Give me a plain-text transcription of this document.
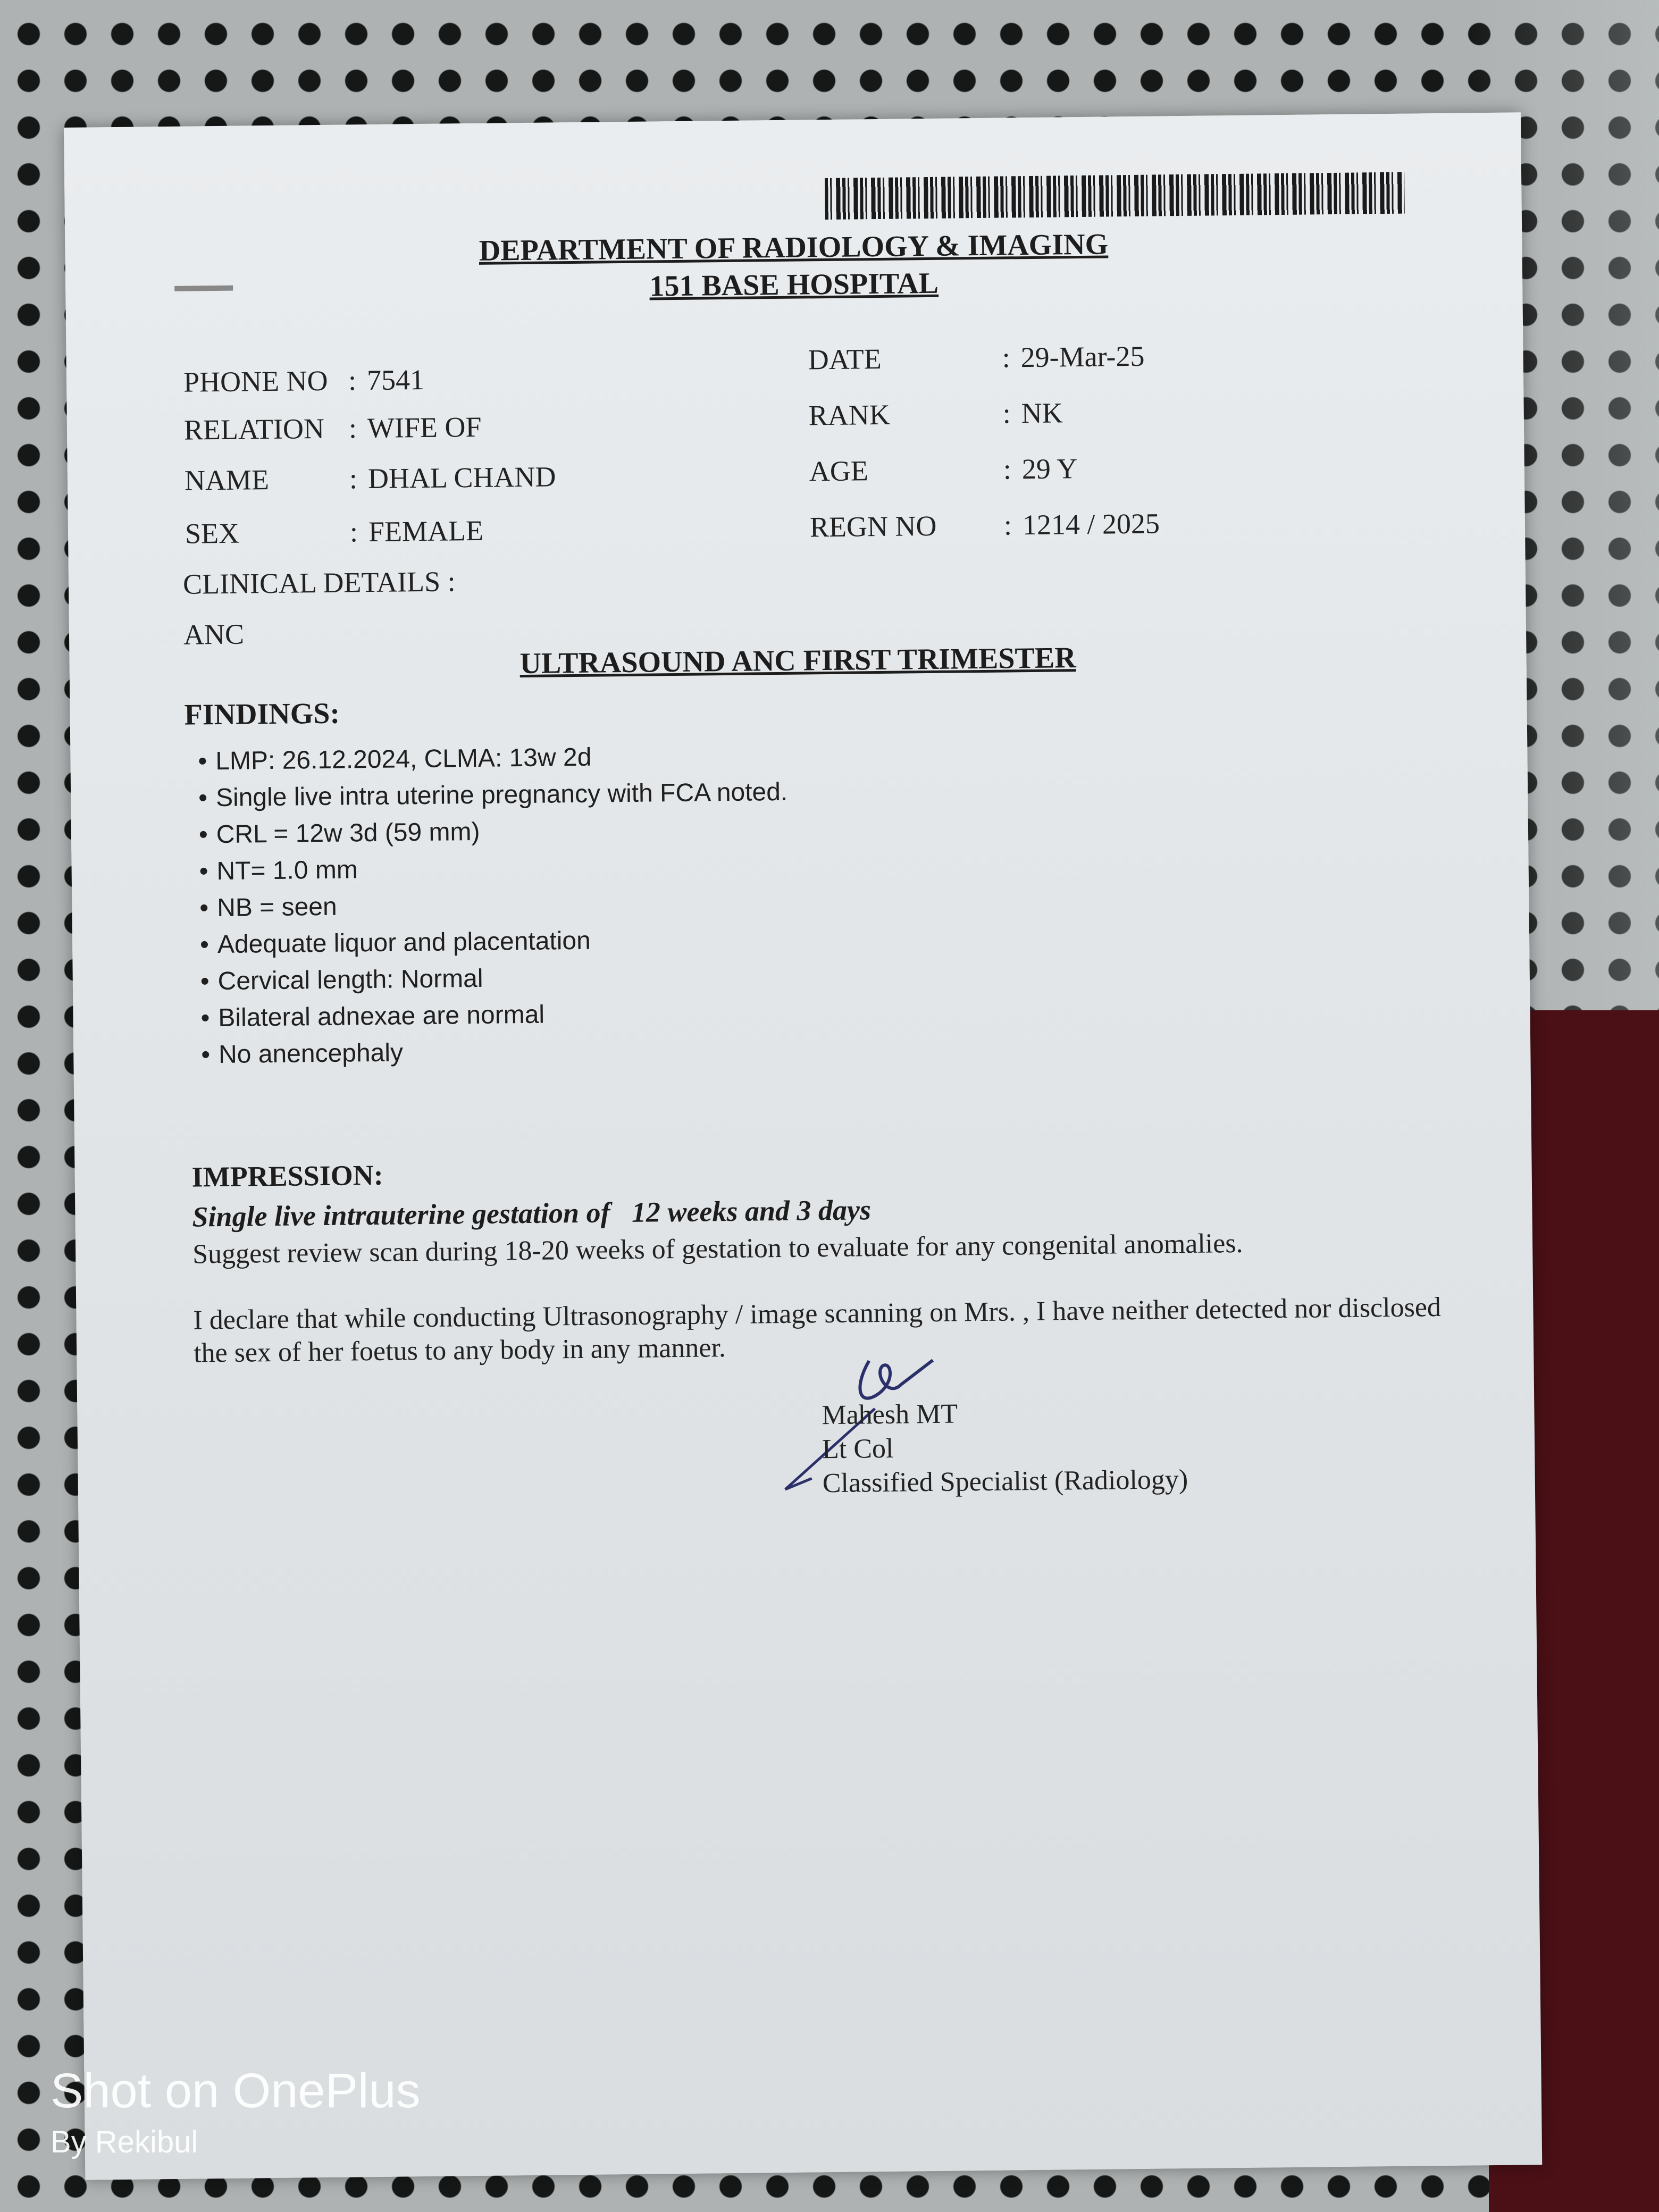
DEPARTMENT OF RADIOLOGY & IMAGING
151 BASE HOSPITAL
PHONE NO : 7541
RELATION : WIFE OF
NAME	: DHAL CHAND
SEX	: FEMALE
CLINICAL DETAILS :
ANC
DATE	: 29-Mar-25
RANK	: NK
AGE	: 29 Y
REGN NO : 1214 / 2025
ULTRASOUND ANC FIRST TRIMESTER
FINDINGS:
• LMP: 26.12.2024, CLMA: 13w 2d
• Single live intra uterine pregnancy with FCA noted.
• CRL = 12w 3d (59 mm)
• NT= 1.0 mm
• NB = seen
• Adequate liquor and placentation
• Cervical length: Normal
• Bilateral adnexae are normal
• No anencephaly
IMPRESSION:
Single live intrauterine gestation of   12 weeks and 3 days
Suggest review scan during 18-20 weeks of gestation to evaluate for any congenital anomalies.
I declare that while conducting Ultrasonography / image scanning on Mrs. , I have neither detected nor disclosed the sex of her foetus to any body in any manner.
Mahesh MT
Lt Col
Classified Specialist (Radiology)
Shot on OnePlus
By Rekibul
